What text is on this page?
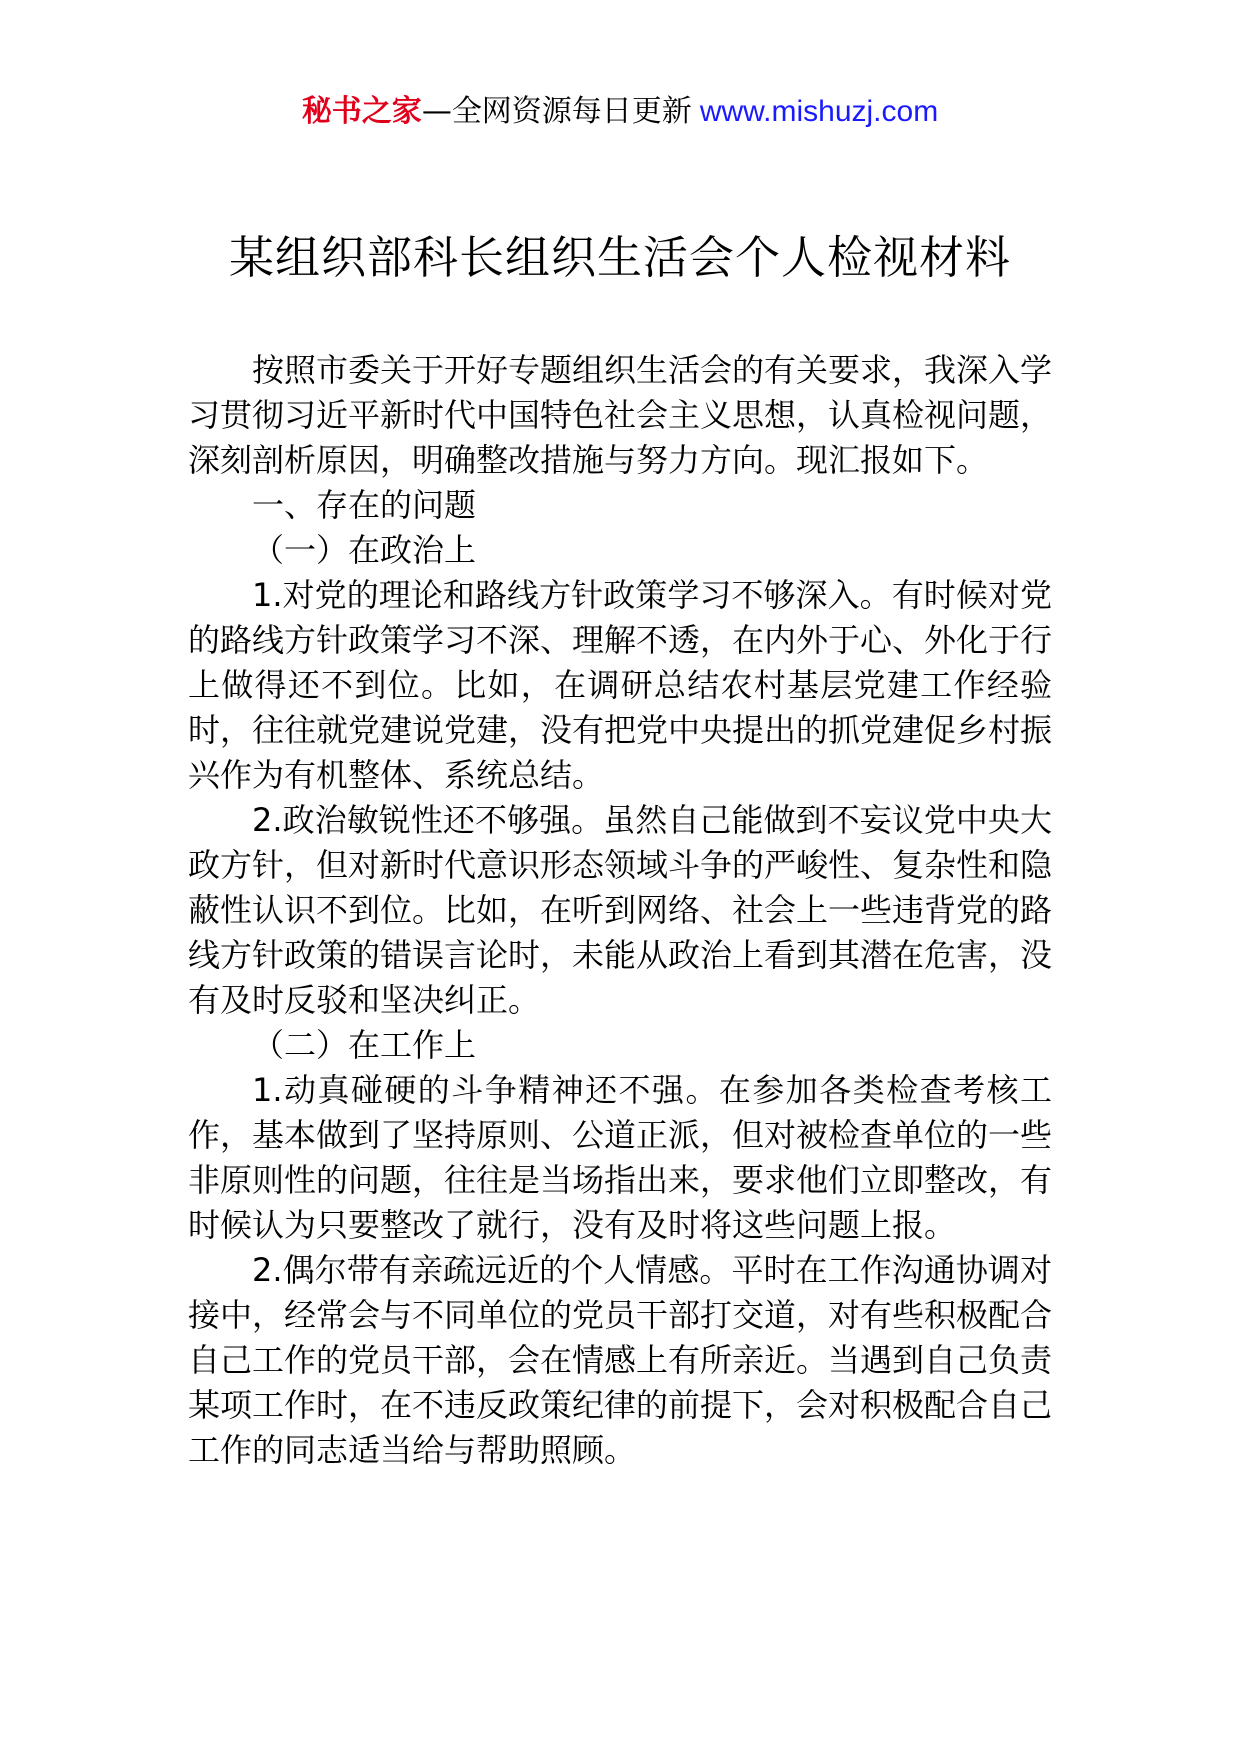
秘书之家—全网资源每日更新 www.mishuzj.com
某组织部科长组织生活会个人检视材料

按照市委关于开好专题组织生活会的有关要求，我深入学习贯彻习近平新时代中国特色社会主义思想，认真检视问题，深刻剖析原因，明确整改措施与努力方向。现汇报如下。

一、存在的问题

（一）在政治上

1.对党的理论和路线方针政策学习不够深入。有时候对党的路线方针政策学习不深、理解不透，在内外于心、外化于行上做得还不到位。比如，在调研总结农村基层党建工作经验时，往往就党建说党建，没有把党中央提出的抓党建促乡村振兴作为有机整体、系统总结。

2.政治敏锐性还不够强。虽然自己能做到不妄议党中央大政方针，但对新时代意识形态领域斗争的严峻性、复杂性和隐蔽性认识不到位。比如，在听到网络、社会上一些违背党的路线方针政策的错误言论时，未能从政治上看到其潜在危害，没有及时反驳和坚决纠正。

（二）在工作上

1.动真碰硬的斗争精神还不强。在参加各类检查考核工作，基本做到了坚持原则、公道正派，但对被检查单位的一些非原则性的问题，往往是当场指出来，要求他们立即整改，有时候认为只要整改了就行，没有及时将这些问题上报。

2.偶尔带有亲疏远近的个人情感。平时在工作沟通协调对接中，经常会与不同单位的党员干部打交道，对有些积极配合自己工作的党员干部，会在情感上有所亲近。当遇到自己负责某项工作时，在不违反政策纪律的前提下，会对积极配合自己工作的同志适当给与帮助照顾。
